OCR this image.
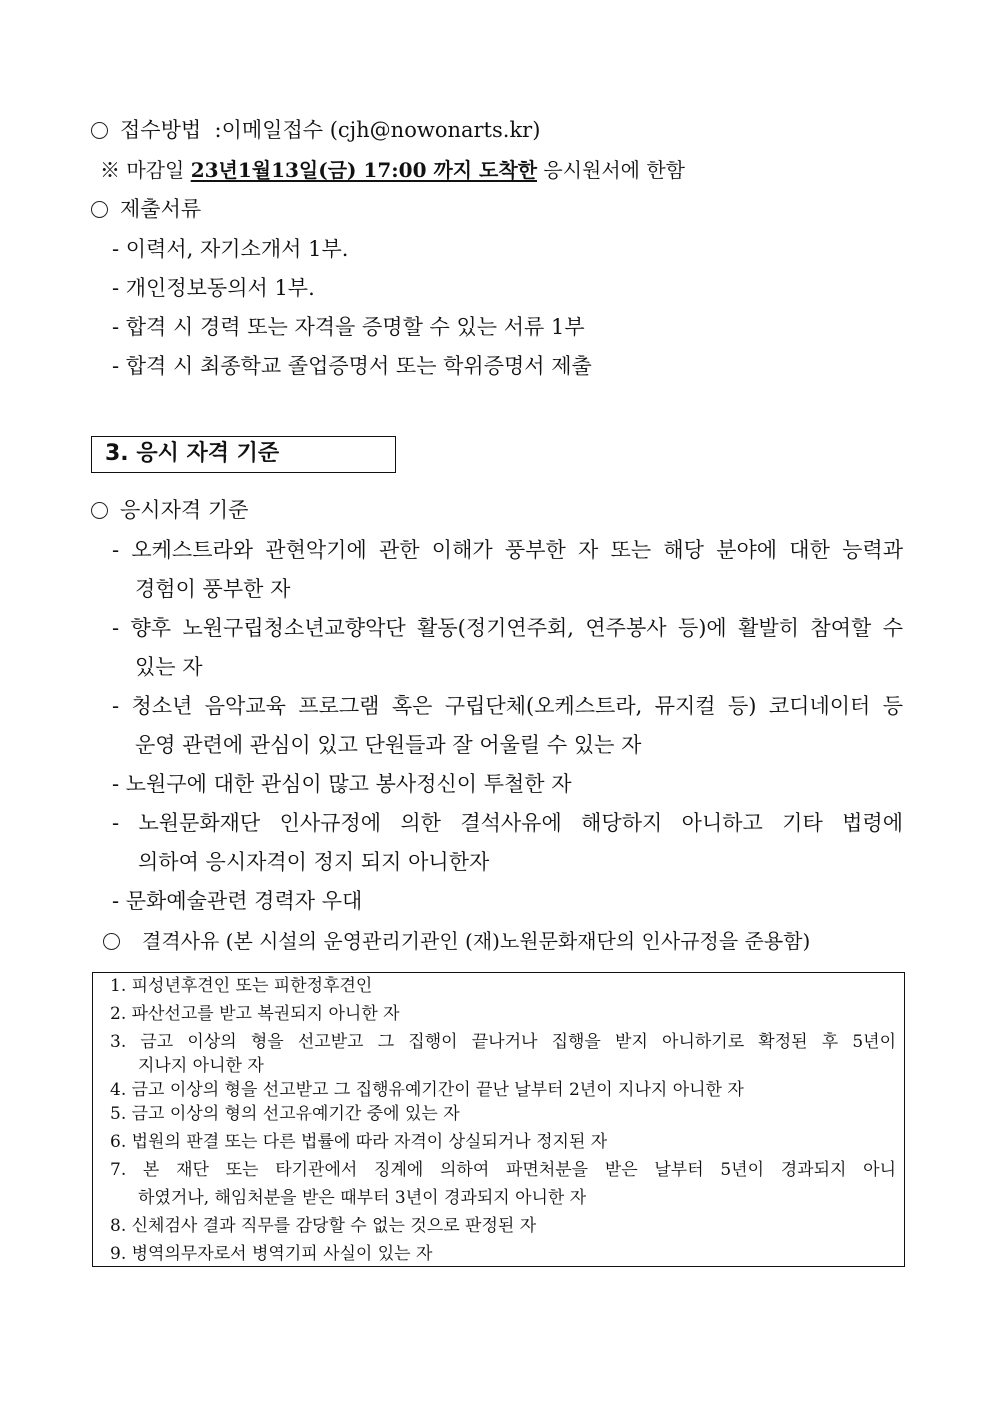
접수방법 :이메일접수 (cjh@nowonarts.kr)
※ 마감일 23년1월13일(금) 17:00 까지 도착한 응시원서에 한함
제출서류
- 이력서, 자기소개서 1부.
- 개인정보동의서 1부.
- 합격 시 경력 또는 자격을 증명할 수 있는 서류 1부
- 합격 시 최종학교 졸업증명서 또는 학위증명서 제출
3. 응시 자격 기준
응시자격 기준
- 오케스트라와 관현악기에 관한 이해가 풍부한 자 또는 해당 분야에 대한 능력과
경험이 풍부한 자
- 향후 노원구립청소년교향악단 활동(정기연주회, 연주봉사 등)에 활발히 참여할 수
있는 자
- 청소년 음악교육 프로그램 혹은 구립단체(오케스트라, 뮤지컬 등) 코디네이터 등
운영 관련에 관심이 있고 단원들과 잘 어울릴 수 있는 자
- 노원구에 대한 관심이 많고 봉사정신이 투철한 자
- 노원문화재단 인사규정에 의한 결석사유에 해당하지 아니하고 기타 법령에
의하여 응시자격이 정지 되지 아니한자
- 문화예술관련 경력자 우대
결격사유 (본 시설의 운영관리기관인 (재)노원문화재단의 인사규정을 준용함)
1. 피성년후견인 또는 피한정후견인
2. 파산선고를 받고 복권되지 아니한 자
3. 금고 이상의 형을 선고받고 그 집행이 끝나거나 집행을 받지 아니하기로 확정된 후 5년이
지나지 아니한 자
4. 금고 이상의 형을 선고받고 그 집행유예기간이 끝난 날부터 2년이 지나지 아니한 자
5. 금고 이상의 형의 선고유예기간 중에 있는 자
6. 법원의 판결 또는 다른 법률에 따라 자격이 상실되거나 정지된 자
7. 본 재단 또는 타기관에서 징계에 의하여 파면처분을 받은 날부터 5년이 경과되지 아니
하였거나, 해임처분을 받은 때부터 3년이 경과되지 아니한 자
8. 신체검사 결과 직무를 감당할 수 없는 것으로 판정된 자
9. 병역의무자로서 병역기피 사실이 있는 자
